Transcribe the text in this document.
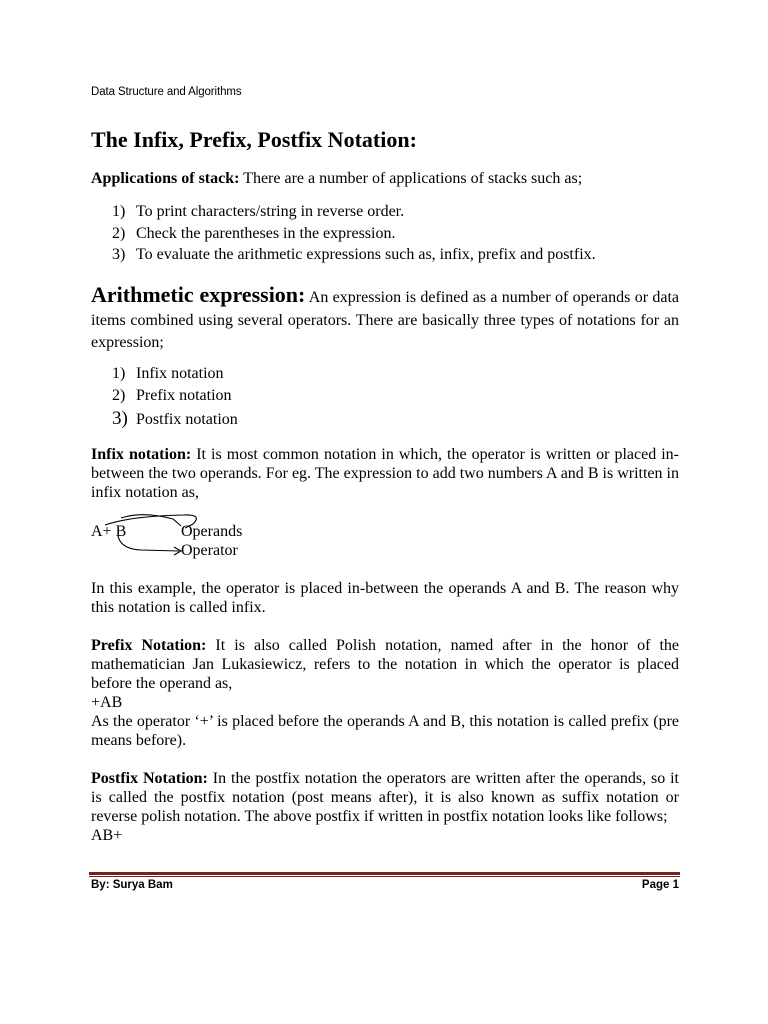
Data Structure and Algorithms
The Infix, Prefix, Postfix Notation:

Applications of stack: There are a number of applications of stacks such as;

1) To print characters/string in reverse order.
2) Check the parentheses in the expression.
3) To evaluate the arithmetic expressions such as, infix, prefix and postfix.

Arithmetic expression: An expression is defined as a number of operands or data items combined using several operators. There are basically three types of notations for an expression;

1) Infix notation
2) Prefix notation
3) Postfix notation

Infix notation: It is most common notation in which, the operator is written or placed in-between the two operands. For eg. The expression to add two numbers A and B is written in infix notation as,

A+ B	Operands
Operator

In this example, the operator is placed in-between the operands A and B. The reason why this notation is called infix.

Prefix Notation: It is also called Polish notation, named after in the honor of the mathematician Jan Lukasiewicz, refers to the notation in which the operator is placed before the operand as,

+AB

As the operator ‘+’ is placed before the operands A and B, this notation is called prefix (pre means before).

Postfix Notation: In the postfix notation the operators are written after the operands, so it is called the postfix notation (post means after), it is also known as suffix notation or reverse polish notation. The above postfix if written in postfix notation looks like follows;

AB+

By: Surya Bam	Page 1
